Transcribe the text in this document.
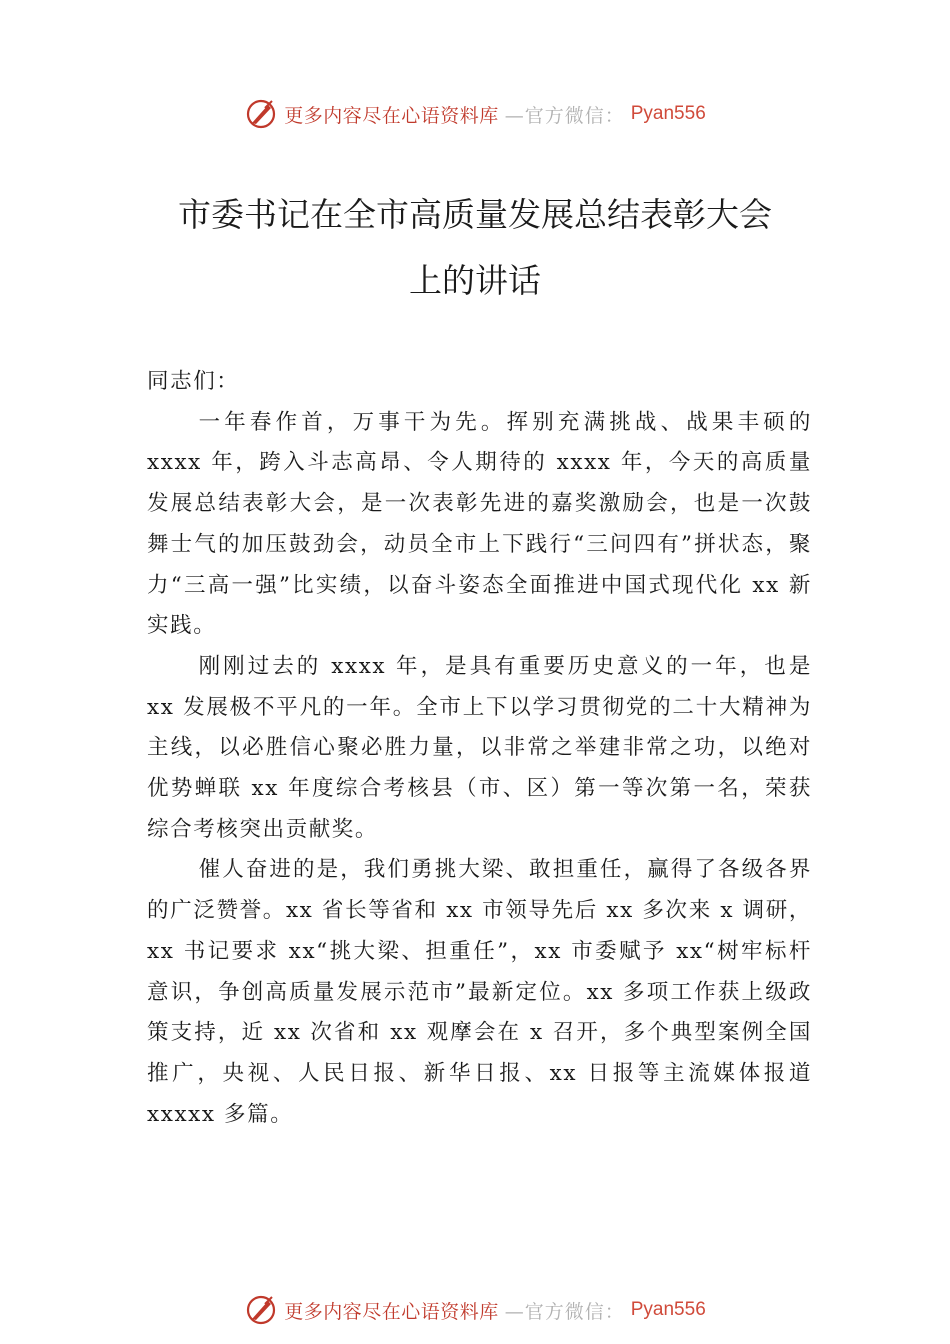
更多内容尽在心语资料库 —官方微信： Pyan556
市委书记在全市高质量发展总结表彰大会
上的讲话

同志们：

一年春作首，万事干为先。挥别充满挑战、战果丰硕的 xxxx 年，跨入斗志高昂、令人期待的 xxxx 年，今天的高质量发展总结表彰大会，是一次表彰先进的嘉奖激励会，也是一次鼓舞士气的加压鼓劲会，动员全市上下践行“三问四有”拼状态，聚力“三高一强”比实绩，以奋斗姿态全面推进中国式现代化 xx 新实践。

刚刚过去的 xxxx 年，是具有重要历史意义的一年，也是 xx 发展极不平凡的一年。全市上下以学习贯彻党的二十大精神为主线，以必胜信心聚必胜力量，以非常之举建非常之功，以绝对优势蝉联 xx 年度综合考核县（市、区）第一等次第一名，荣获综合考核突出贡献奖。

催人奋进的是，我们勇挑大梁、敢担重任，赢得了各级各界的广泛赞誉。xx 省长等省和 xx 市领导先后 xx 多次来 x 调研，xx 书记要求 xx“挑大梁、担重任”，xx 市委赋予 xx“树牢标杆意识，争创高质量发展示范市”最新定位。xx 多项工作获上级政策支持，近 xx 次省和 xx 观摩会在 x 召开，多个典型案例全国推广，央视、人民日报、新华日报、xx 日报等主流媒体报道 xxxxx 多篇。

更多内容尽在心语资料库 —官方微信： Pyan556
